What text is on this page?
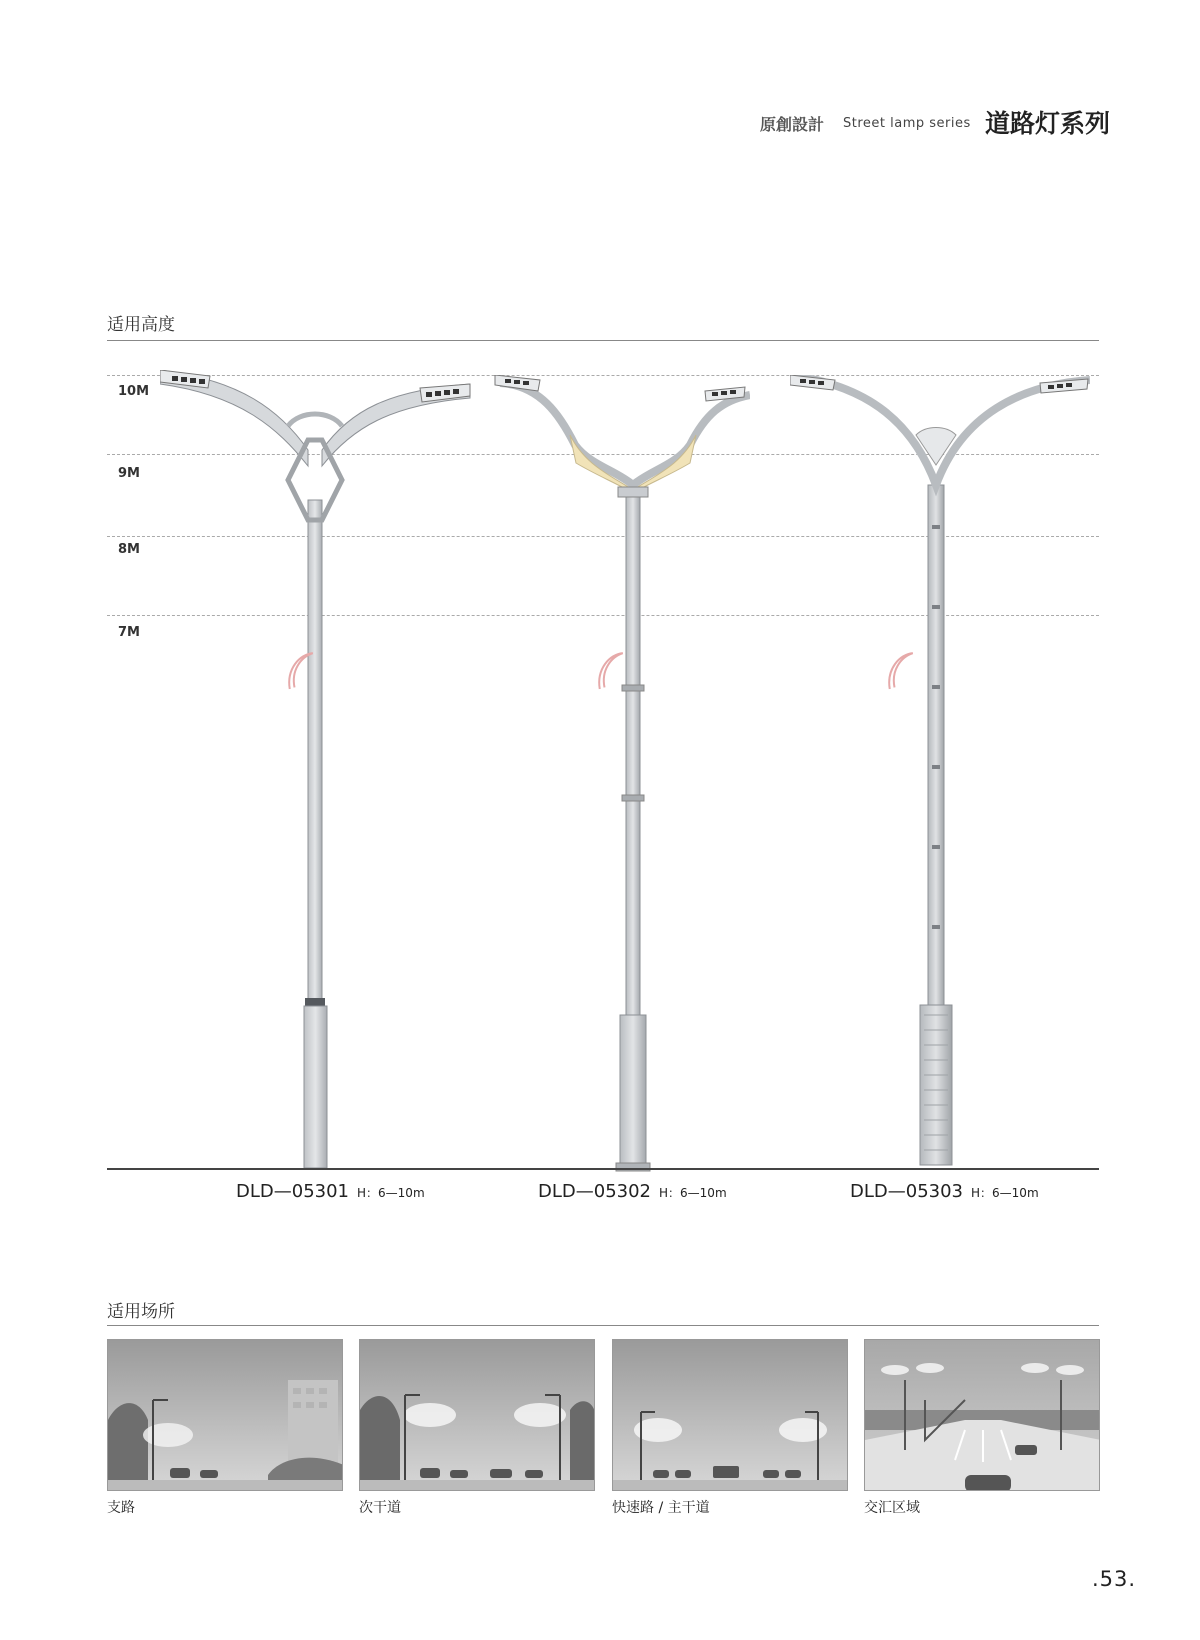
原創設計 Street lamp series 道路灯系列
适用高度
10M
9M
8M
7M
DLD—05301 H：6—10m	DLD—05302 H：6—10m	DLD—05303 H：6—10m
适用场所
支路	次干道	快速路 / 主干道	交汇区域
.53.
